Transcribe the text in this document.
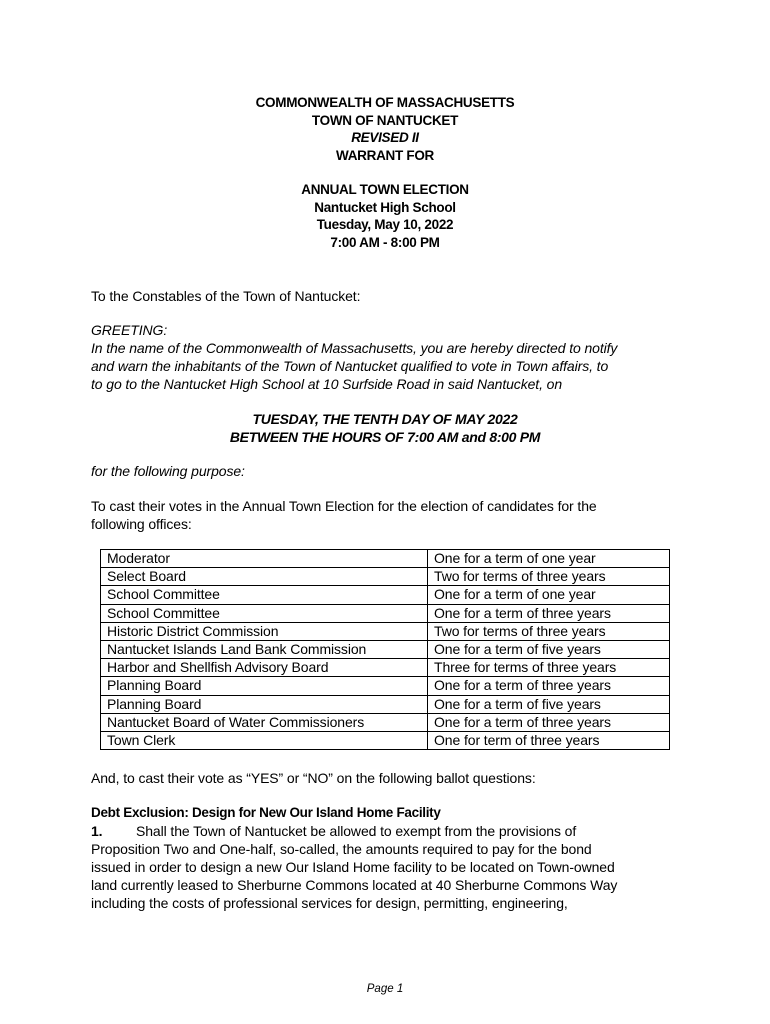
COMMONWEALTH OF MASSACHUSETTS
TOWN OF NANTUCKET
REVISED II
WARRANT FOR
ANNUAL TOWN ELECTION
Nantucket High School
Tuesday, May 10, 2022
7:00 AM - 8:00 PM
To the Constables of the Town of Nantucket:
GREETING:
In the name of the Commonwealth of Massachusetts, you are hereby directed to notify
and warn the inhabitants of the Town of Nantucket qualified to vote in Town affairs, to
to go to the Nantucket High School at 10 Surfside Road in said Nantucket, on
TUESDAY, THE TENTH DAY OF MAY 2022
BETWEEN THE HOURS OF 7:00 AM and 8:00 PM
for the following purpose:
To cast their votes in the Annual Town Election for the election of candidates for the
following offices:
Moderator	One for a term of one year
Select Board	Two for terms of three years
School Committee	One for a term of one year
School Committee	One for a term of three years
Historic District Commission	Two for terms of three years
Nantucket Islands Land Bank Commission	One for a term of five years
Harbor and Shellfish Advisory Board	Three for terms of three years
Planning Board	One for a term of three years
Planning Board	One for a term of five years
Nantucket Board of Water Commissioners	One for a term of three years
Town Clerk	One for term of three years
And, to cast their vote as “YES” or “NO” on the following ballot questions:
Debt Exclusion: Design for New Our Island Home Facility
1. Shall the Town of Nantucket be allowed to exempt from the provisions of
Proposition Two and One-half, so-called, the amounts required to pay for the bond
issued in order to design a new Our Island Home facility to be located on Town-owned
land currently leased to Sherburne Commons located at 40 Sherburne Commons Way
including the costs of professional services for design, permitting, engineering,
Page 1
